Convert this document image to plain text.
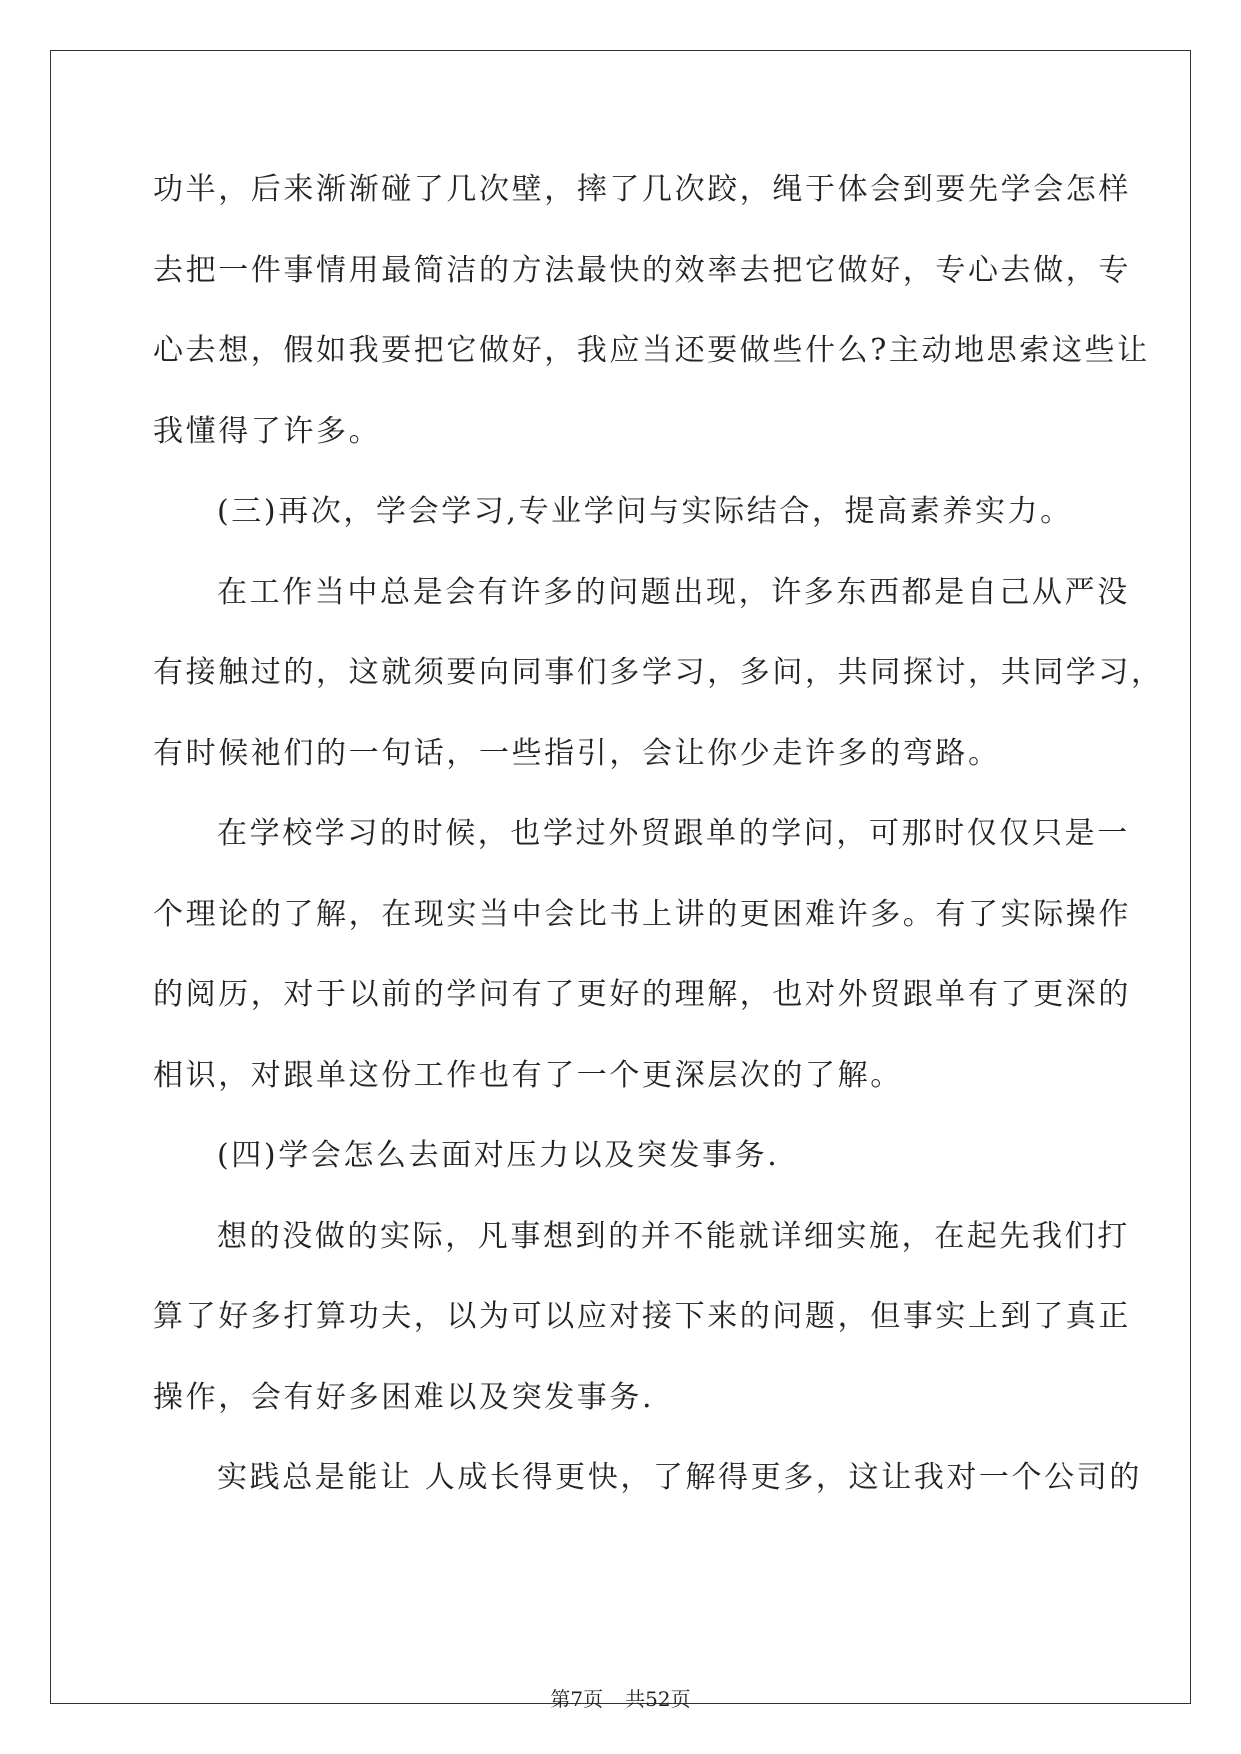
功半，后来渐渐碰了几次壁，摔了几次跤，绳于体会到要先学会怎样
去把一件事情用最简洁的方法最快的效率去把它做好，专心去做，专
心去想，假如我要把它做好，我应当还要做些什么?主动地思索这些让
我懂得了许多。
(三)再次，学会学习,专业学问与实际结合，提高素养实力。
在工作当中总是会有许多的问题出现，许多东西都是自己从严没
有接触过的，这就须要向同事们多学习，多问，共同探讨，共同学习，
有时候祂们的一句话，一些指引，会让你少走许多的弯路。
在学校学习的时候，也学过外贸跟单的学问，可那时仅仅只是一
个理论的了解，在现实当中会比书上讲的更困难许多。有了实际操作
的阅历，对于以前的学问有了更好的理解，也对外贸跟单有了更深的
相识，对跟单这份工作也有了一个更深层次的了解。
(四)学会怎么去面对压力以及突发事务.
想的没做的实际，凡事想到的并不能就详细实施，在起先我们打
算了好多打算功夫，以为可以应对接下来的问题，但事实上到了真正
操作，会有好多困难以及突发事务.
实践总是能让 人成长得更快，了解得更多，这让我对一个公司的
第7页 共52页
